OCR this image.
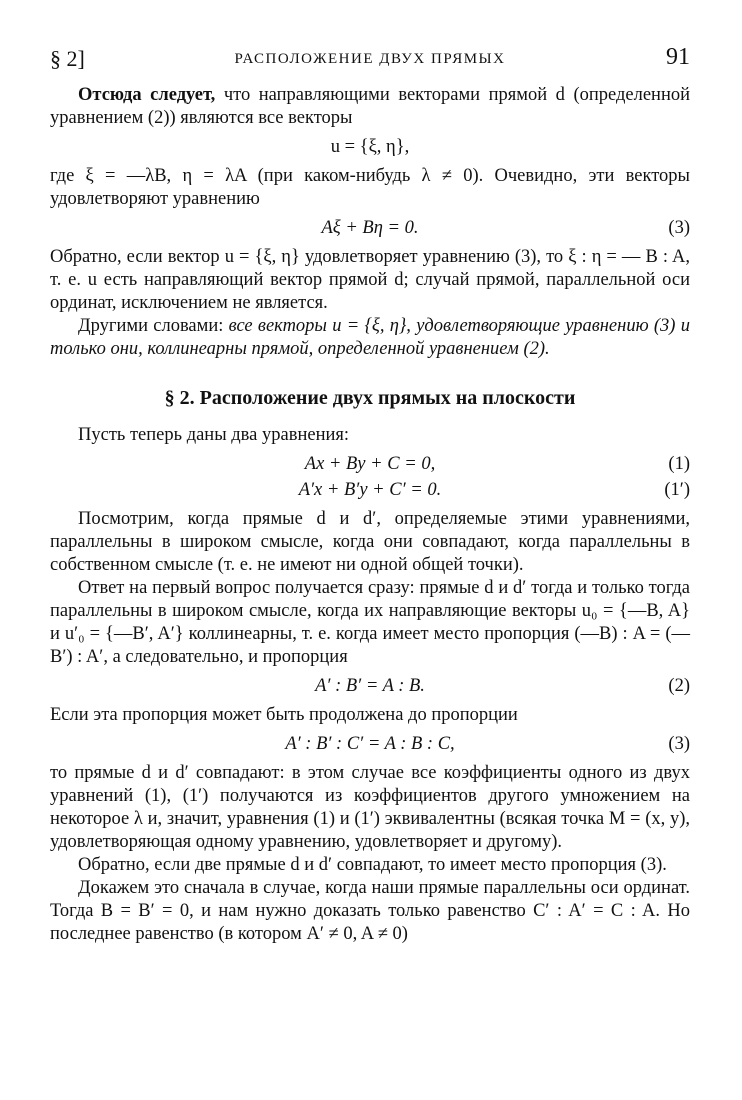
§ 2]	РАСПОЛОЖЕНИЕ ДВУХ ПРЯМЫХ	91

Отсюда следует, что направляющими векторами прямой d (определенной уравнением (2)) являются все векторы

u = {ξ, η},

где ξ = —λB, η = λA (при каком-нибудь λ ≠ 0). Очевидно, эти векторы удовлетворяют уравнению

Aξ + Bη = 0.	(3)

Обратно, если вектор u = {ξ, η} удовлетворяет уравнению (3), то ξ : η = — B : A, т. е. u есть направляющий вектор прямой d; случай прямой, параллельной оси ординат, исключением не является.

Другими словами: все векторы u = {ξ, η}, удовлетворяющие уравнению (3) и только они, коллинеарны прямой, определенной уравнением (2).

§ 2. Расположение двух прямых на плоскости

Пусть теперь даны два уравнения:

Ax + By + C = 0,	(1)
A′x + B′y + C′ = 0.	(1′)

Посмотрим, когда прямые d и d′, определяемые этими уравнениями, параллельны в широком смысле, когда они совпадают, когда параллельны в собственном смысле (т. е. не имеют ни одной общей точки).

Ответ на первый вопрос получается сразу: прямые d и d′ тогда и только тогда параллельны в широком смысле, когда их направляющие векторы u₀ = {—B, A} и u′₀ = {—B′, A′} коллинеарны, т. е. когда имеет место пропорция (—B) : A = (—B′) : A′, а следовательно, и пропорция

A′ : B′ = A : B.	(2)

Если эта пропорция может быть продолжена до пропорции

A′ : B′ : C′ = A : B : C,	(3)

то прямые d и d′ совпадают: в этом случае все коэффициенты одного из двух уравнений (1), (1′) получаются из коэффициентов другого умножением на некоторое λ и, значит, уравнения (1) и (1′) эквивалентны (всякая точка M = (x, y), удовлетворяющая одному уравнению, удовлетворяет и другому).

Обратно, если две прямые d и d′ совпадают, то имеет место пропорция (3).

Докажем это сначала в случае, когда наши прямые параллельны оси ординат. Тогда B = B′ = 0, и нам нужно доказать только равенство C′ : A′ = C : A. Но последнее равенство (в котором A′ ≠ 0, A ≠ 0)
